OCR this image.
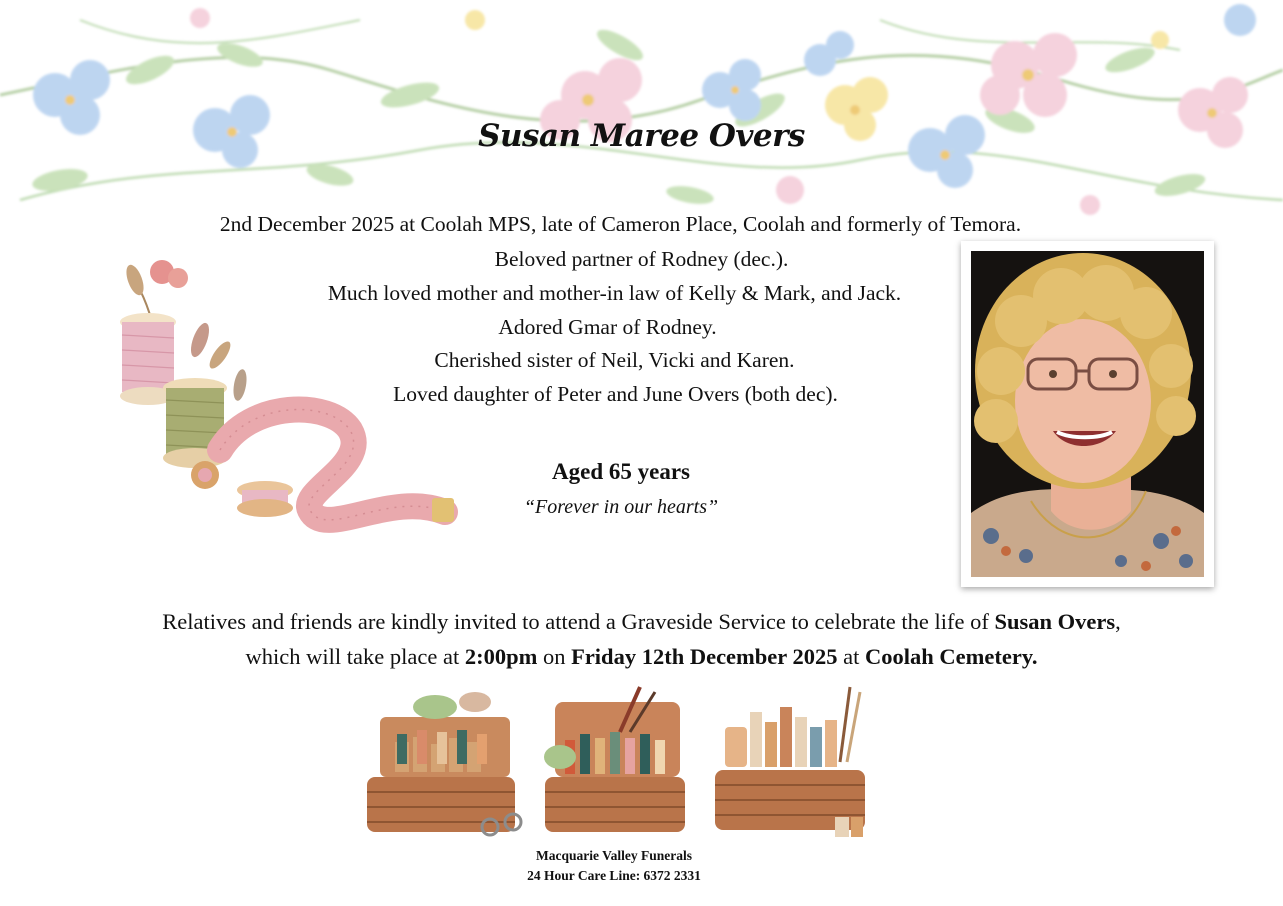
Susan Maree Overs
2nd December 2025 at Coolah MPS, late of Cameron Place, Coolah and formerly of Temora.
Beloved partner of Rodney (dec.).
Much loved mother and mother-in law of Kelly & Mark, and Jack.
Adored Gmar of Rodney.
Cherished sister of Neil, Vicki and Karen.
Loved daughter of Peter and June Overs (both dec).
Aged 65 years
“Forever in our hearts”
Relatives and friends are kindly invited to attend a Graveside Service to celebrate the life of Susan Overs,
which will take place at 2:00pm on Friday 12th December 2025 at Coolah Cemetery.
Macquarie Valley Funerals
24 Hour Care Line: 6372 2331
